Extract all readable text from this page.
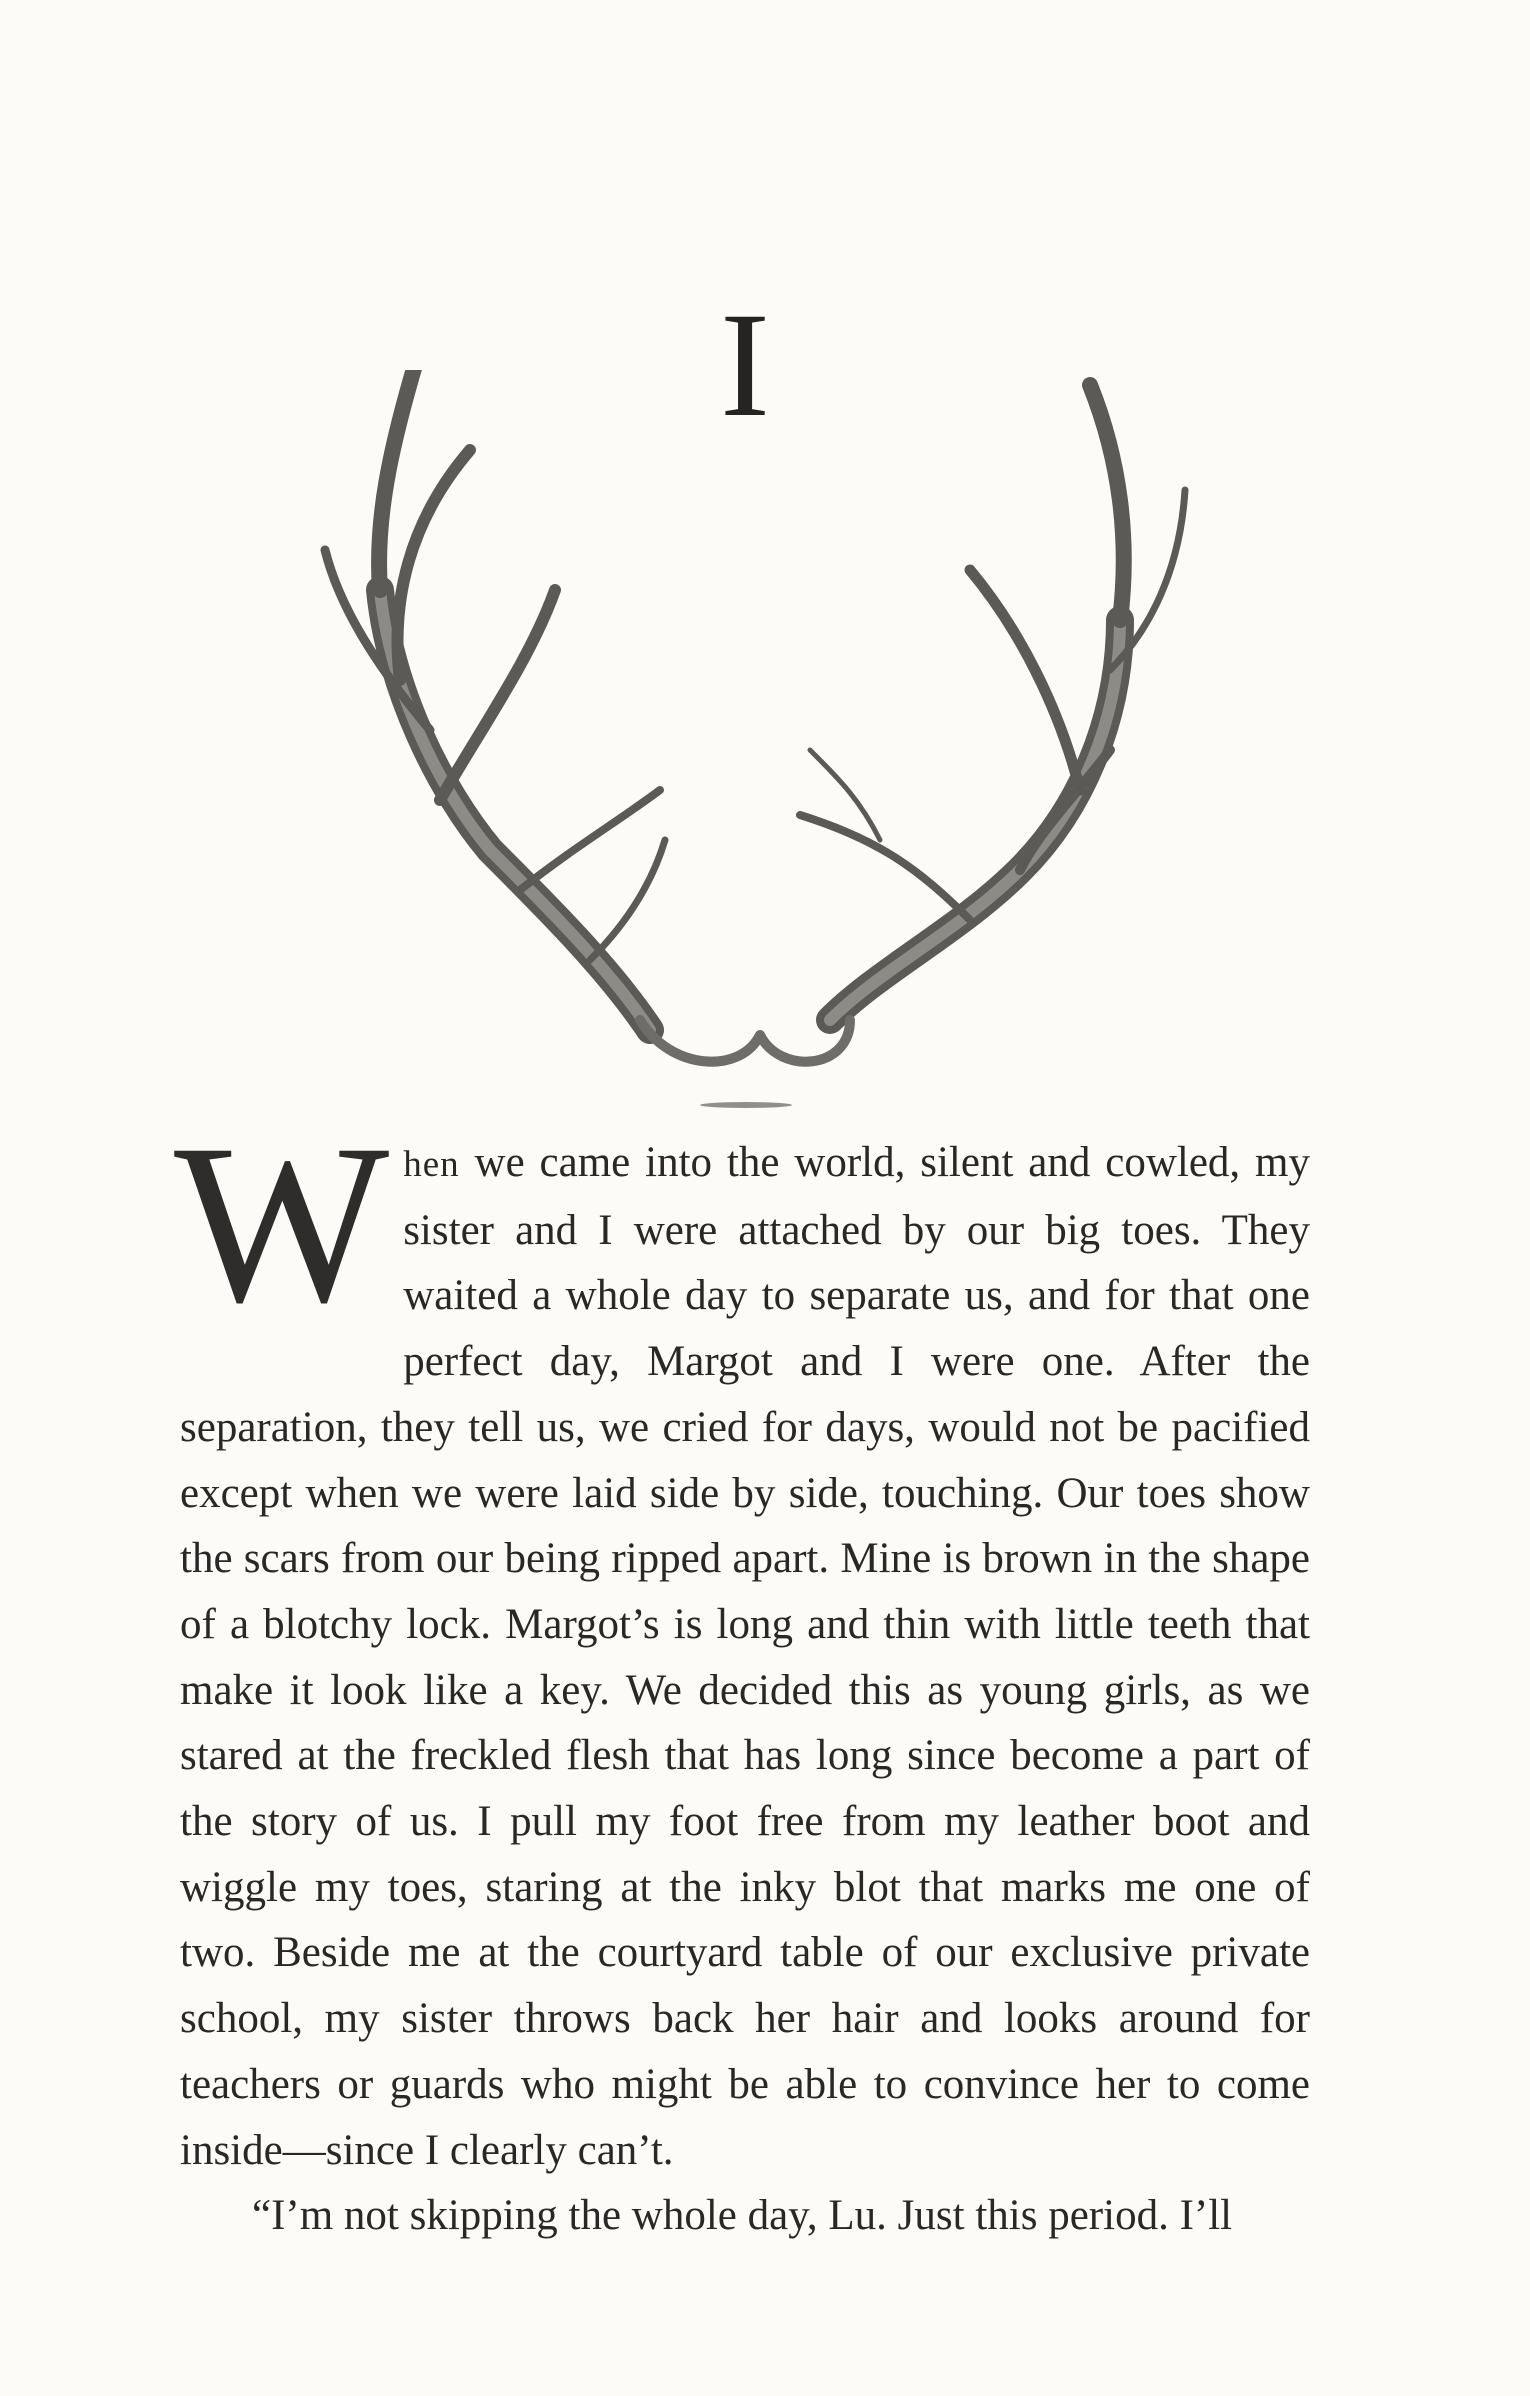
I

When we came into the world, silent and cowled, my sister and I were attached by our big toes. They waited a whole day to separate us, and for that one perfect day, Margot and I were one. After the separation, they tell us, we cried for days, would not be pacified except when we were laid side by side, touching. Our toes show the scars from our being ripped apart. Mine is brown in the shape of a blotchy lock. Margot’s is long and thin with little teeth that make it look like a key. We decided this as young girls, as we stared at the freckled flesh that has long since become a part of the story of us. I pull my foot free from my leather boot and wiggle my toes, staring at the inky blot that marks me one of two. Beside me at the courtyard table of our exclusive private school, my sister throws back her hair and looks around for teachers or guards who might be able to convince her to come inside—since I clearly can’t.

“I’m not skipping the whole day, Lu. Just this period. I’ll
